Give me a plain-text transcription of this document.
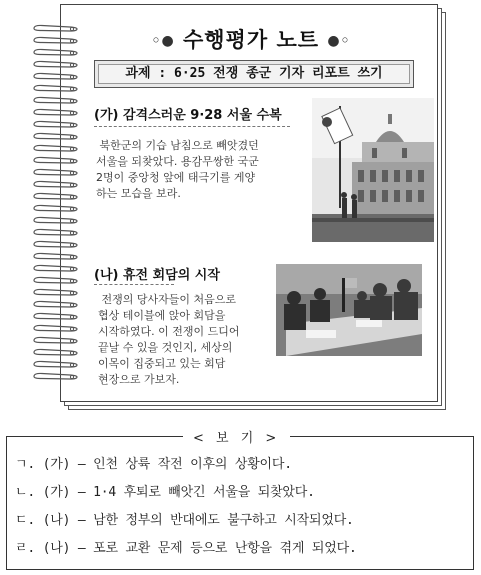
◦● 수행평가 노트 ●◦
과제 : 6·25 전쟁 종군 기자 리포트 쓰기
(가) 감격스러운 9·28 서울 수복
북한군의 기습 남침으로 빼앗겼던
서울을 되찾았다. 용감무쌍한 국군
2명이 중앙청 앞에 태극기를 게양
하는 모습을 보라.
(나) 휴전 회담의 시작
전쟁의 당사자들이 처음으로
협상 테이블에 앉아 회담을
시작하였다. 이 전쟁이 드디어
끝날 수 있을 것인지, 세상의
이목이 집중되고 있는 회담
현장으로 가보자.
< 보 기 >
ㄱ. (가) – 인천 상륙 작전 이후의 상황이다.
ㄴ. (가) – 1·4 후퇴로 빼앗긴 서울을 되찾았다.
ㄷ. (나) – 남한 정부의 반대에도 불구하고 시작되었다.
ㄹ. (나) – 포로 교환 문제 등으로 난항을 겪게 되었다.
